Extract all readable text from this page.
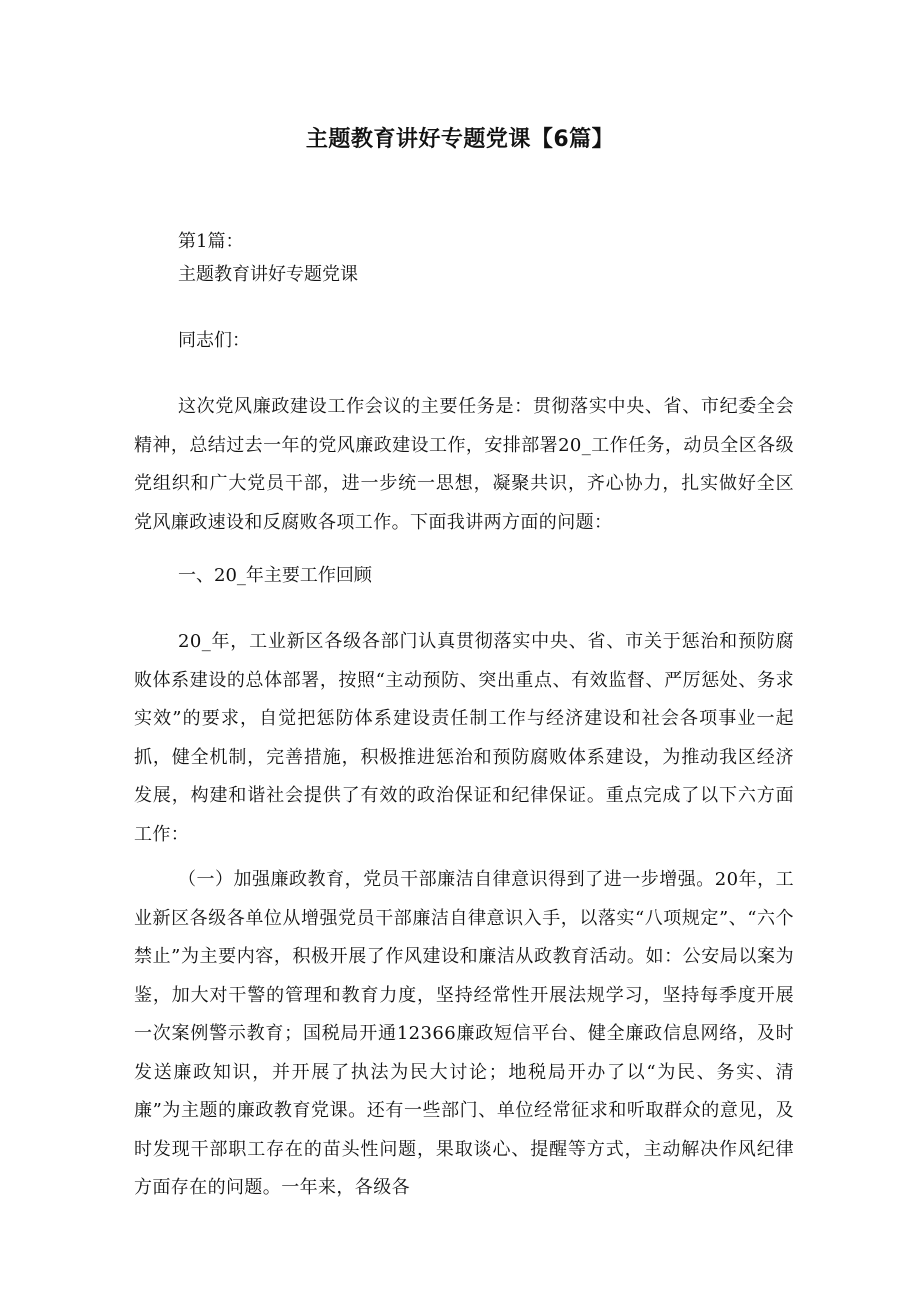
主题教育讲好专题党课【6篇】
第1篇：
主题教育讲好专题党课
同志们：

这次党风廉政建设工作会议的主要任务是：贯彻落实中央、省、市纪委全会精神，总结过去一年的党风廉政建设工作，安排部署20_工作任务，动员全区各级党组织和广大党员干部，进一步统一思想，凝聚共识，齐心协力，扎实做好全区党风廉政速设和反腐败各项工作。下面我讲两方面的问题：

一、20_年主要工作回顾

20_年，工业新区各级各部门认真贯彻落实中央、省、市关于惩治和预防腐败体系建设的总体部署，按照“主动预防、突出重点、有效监督、严厉惩处、务求实效”的要求，自觉把惩防体系建设责任制工作与经济建设和社会各项事业一起抓，健全机制，完善措施，积极推进惩治和预防腐败体系建设，为推动我区经济发展，构建和谐社会提供了有效的政治保证和纪律保证。重点完成了以下六方面工作：

（一）加强廉政教育，党员干部廉洁自律意识得到了进一步增强。20年，工业新区各级各单位从增强党员干部廉洁自律意识入手，以落实“八项规定”、“六个禁止”为主要内容，积极开展了作风建设和廉洁从政教育活动。如：公安局以案为鉴，加大对干警的管理和教育力度，坚持经常性开展法规学习，坚持每季度开展一次案例警示教育；国税局开通12366廉政短信平台、健全廉政信息网络，及时发送廉政知识，并开展了执法为民大讨论；地税局开办了以“为民、务实、清廉”为主题的廉政教育党课。还有一些部门、单位经常征求和听取群众的意见，及时发现干部职工存在的苗头性问题，果取谈心、提醒等方式，主动解决作风纪律方面存在的问题。一年来，各级各
